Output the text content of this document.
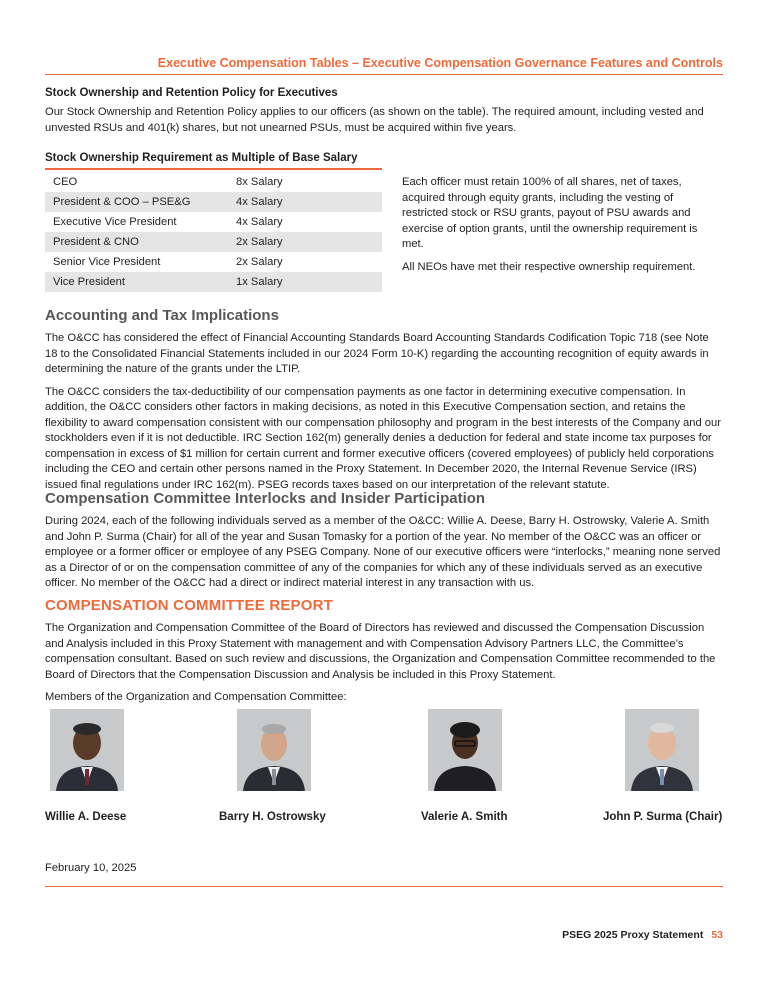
Executive Compensation Tables – Executive Compensation Governance Features and Controls

Stock Ownership and Retention Policy for Executives

Our Stock Ownership and Retention Policy applies to our officers (as shown on the table). The required amount, including vested and unvested RSUs and 401(k) shares, but not unearned PSUs, must be acquired within five years.

Stock Ownership Requirement as Multiple of Base Salary

CEO	8x Salary
President & COO – PSE&G	4x Salary
Executive Vice President	4x Salary
President & CNO	2x Salary
Senior Vice President	2x Salary
Vice President	1x Salary

Each officer must retain 100% of all shares, net of taxes, acquired through equity grants, including the vesting of restricted stock or RSU grants, payout of PSU awards and exercise of option grants, until the ownership requirement is met.

All NEOs have met their respective ownership requirement.

Accounting and Tax Implications

The O&CC has considered the effect of Financial Accounting Standards Board Accounting Standards Codification Topic 718 (see Note 18 to the Consolidated Financial Statements included in our 2024 Form 10-K) regarding the accounting recognition of equity awards in determining the nature of the grants under the LTIP.

The O&CC considers the tax-deductibility of our compensation payments as one factor in determining executive compensation. In addition, the O&CC considers other factors in making decisions, as noted in this Executive Compensation section, and retains the flexibility to award compensation consistent with our compensation philosophy and program in the best interests of the Company and our stockholders even if it is not deductible. IRC Section 162(m) generally denies a deduction for federal and state income tax purposes for compensation in excess of $1 million for certain current and former executive officers (covered employees) of publicly held corporations including the CEO and certain other persons named in the Proxy Statement. In December 2020, the Internal Revenue Service (IRS) issued final regulations under IRC 162(m). PSEG records taxes based on our interpretation of the relevant statute.

Compensation Committee Interlocks and Insider Participation

During 2024, each of the following individuals served as a member of the O&CC: Willie A. Deese, Barry H. Ostrowsky, Valerie A. Smith and John P. Surma (Chair) for all of the year and Susan Tomasky for a portion of the year. No member of the O&CC was an officer or employee or a former officer or employee of any PSEG Company. None of our executive officers were “interlocks,” meaning none served as a Director of or on the compensation committee of any of the companies for which any of these individuals served as an executive officer. No member of the O&CC had a direct or indirect material interest in any transaction with us.

COMPENSATION COMMITTEE REPORT

The Organization and Compensation Committee of the Board of Directors has reviewed and discussed the Compensation Discussion and Analysis included in this Proxy Statement with management and with Compensation Advisory Partners LLC, the Committee’s compensation consultant. Based on such review and discussions, the Organization and Compensation Committee recommended to the Board of Directors that the Compensation Discussion and Analysis be included in this Proxy Statement.

Members of the Organization and Compensation Committee:

Willie A. Deese	Barry H. Ostrowsky	Valerie A. Smith	John P. Surma (Chair)

February 10, 2025

PSEG 2025 Proxy Statement 53
